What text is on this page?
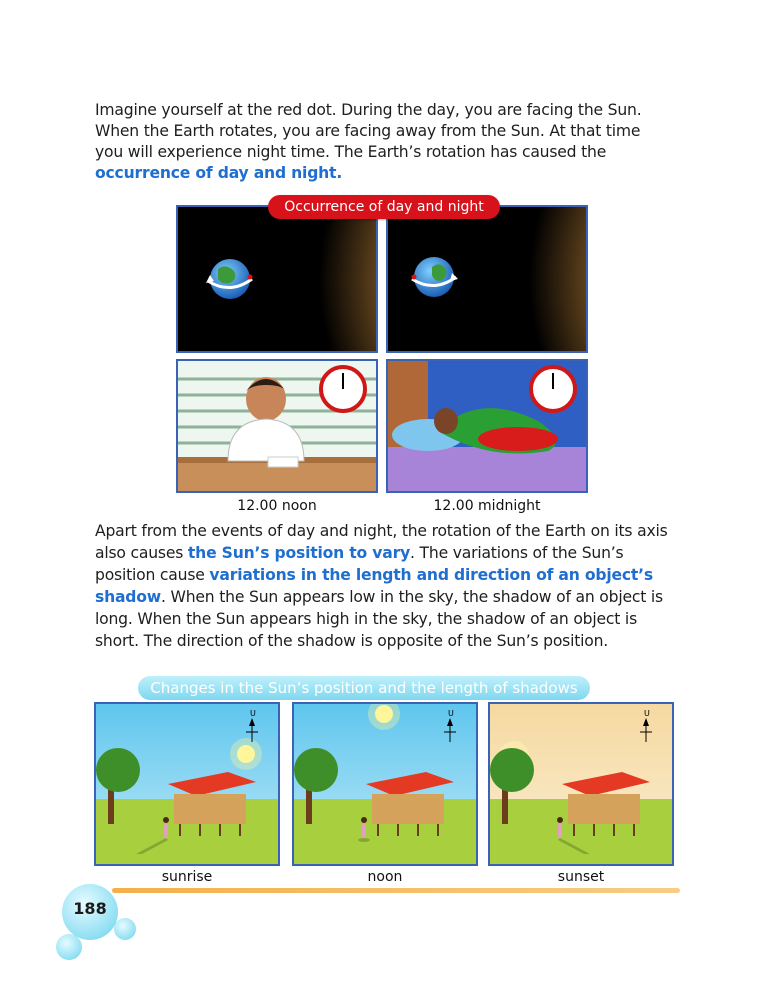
Imagine yourself at the red dot. During the day, you are facing the Sun.
When the Earth rotates, you are facing away from the Sun. At that time
you will experience night time. The Earth’s rotation has caused the
occurrence of day and night.
Occurrence of day and night
12.00 noon	12.00 midnight
Apart from the events of day and night, the rotation of the Earth on its axis also causes the Sun’s position to vary. The variations of the Sun’s position cause variations in the length and direction of an object’s shadow. When the Sun appears low in the sky, the shadow of an object is long. When the Sun appears high in the sky, the shadow of an object is short. The direction of the shadow is opposite of the Sun’s position.
Changes in the Sun’s position and the length of shadows
U	U	U
sunrise	noon	sunset
188
